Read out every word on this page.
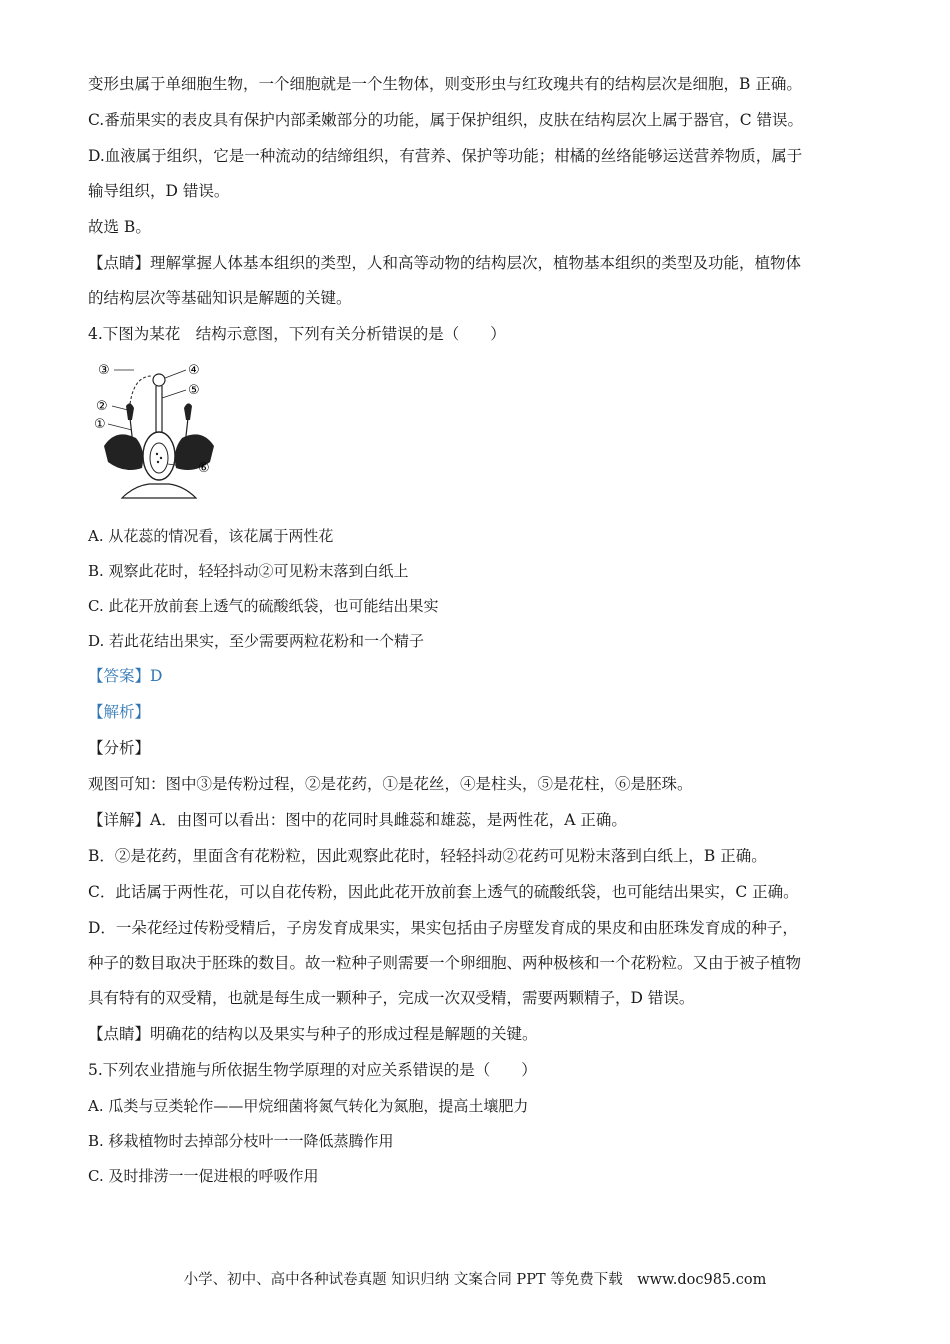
变形虫属于单细胞生物，一个细胞就是一个生物体，则变形虫与红玫瑰共有的结构层次是细胞，B 正确。

C.番茄果实的表皮具有保护内部柔嫩部分的功能，属于保护组织，皮肤在结构层次上属于器官，C 错误。

D.血液属于组织，它是一种流动的结缔组织，有营养、保护等功能；柑橘的丝络能够运送营养物质，属于

输导组织，D 错误。

故选 B。

【点睛】理解掌握人体基本组织的类型，人和高等动物的结构层次，植物基本组织的类型及功能，植物体

的结构层次等基础知识是解题的关键。

4.下图为某花　结构示意图，下列有关分析错误的是（　　）

③	④
⑤
②
①
⑥

A. 从花蕊的情况看，该花属于两性花

B. 观察此花时，轻轻抖动②可见粉末落到白纸上

C. 此花开放前套上透气的硫酸纸袋，也可能结出果实

D. 若此花结出果实，至少需要两粒花粉和一个精子

【答案】D

【解析】

【分析】

观图可知：图中③是传粉过程，②是花药，①是花丝，④是柱头，⑤是花柱，⑥是胚珠。

【详解】A．由图可以看出：图中的花同时具雌蕊和雄蕊，是两性花，A 正确。

B．②是花药，里面含有花粉粒，因此观察此花时，轻轻抖动②花药可见粉末落到白纸上，B 正确。

C．此话属于两性花，可以自花传粉，因此此花开放前套上透气的硫酸纸袋，也可能结出果实，C 正确。

D．一朵花经过传粉受精后，子房发育成果实，果实包括由子房壁发育成的果皮和由胚珠发育成的种子，

种子的数目取决于胚珠的数目。故一粒种子则需要一个卵细胞、两种极核和一个花粉粒。又由于被子植物

具有特有的双受精，也就是每生成一颗种子，完成一次双受精，需要两颗精子，D 错误。

【点睛】明确花的结构以及果实与种子的形成过程是解题的关键。

5.下列农业措施与所依据生物学原理的对应关系错误的是（　　）

A. 瓜类与豆类轮作——甲烷细菌将氮气转化为氮胞，提高土壤肥力

B. 移栽植物时去掉部分枝叶一一降低蒸腾作用

C. 及时排涝一一促进根的呼吸作用

小学、初中、高中各种试卷真题 知识归纳 文案合同 PPT 等免费下载　www.doc985.com
